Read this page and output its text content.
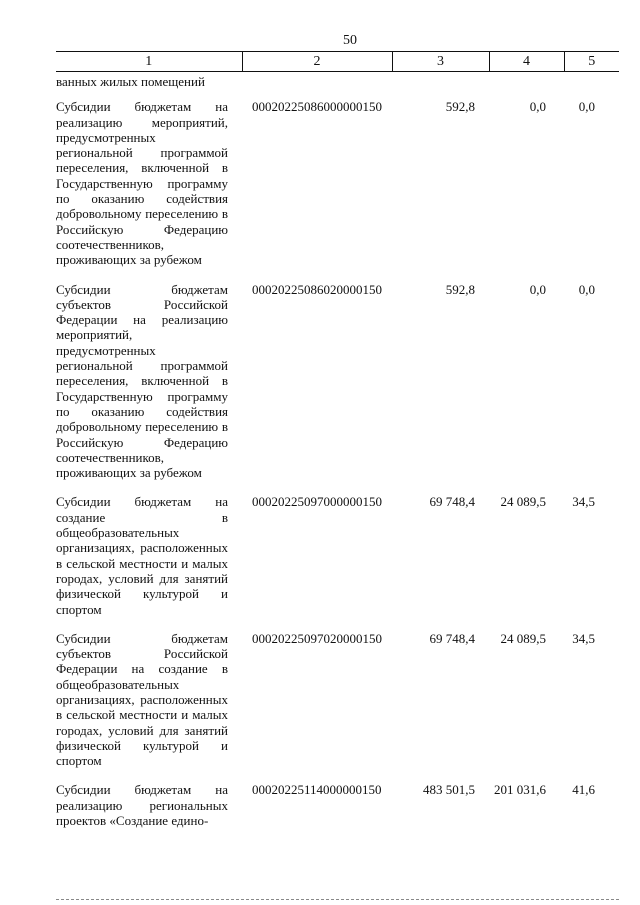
50
1	2	3	4	5
ванных жилых помещений				
Субсидии бюджетам на реализацию мероприятий, предусмотренных региональной программой переселения, включенной в Государственную программу по оказанию содействия добровольному переселению в Российскую Федерацию соотечественников, проживающих за рубежом	00020225086000000150	592,8	0,0	0,0
Субсидии бюджетам субъектов Российской Федерации на реализацию мероприятий, предусмотренных региональной программой переселения, включенной в Государственную программу по оказанию содействия добровольному переселению в Российскую Федерацию соотечественников, проживающих за рубежом	00020225086020000150	592,8	0,0	0,0
Субсидии бюджетам на создание в общеобразовательных организациях, расположенных в сельской местности и малых городах, условий для занятий физической культурой и спортом	00020225097000000150	69 748,4	24 089,5	34,5
Субсидии бюджетам субъектов Российской Федерации на создание в общеобразовательных организациях, расположенных в сельской местности и малых городах, условий для занятий физической культурой и спортом	00020225097020000150	69 748,4	24 089,5	34,5
Субсидии бюджетам на реализацию региональных проектов «Создание едино-	00020225114000000150	483 501,5	201 031,6	41,6
